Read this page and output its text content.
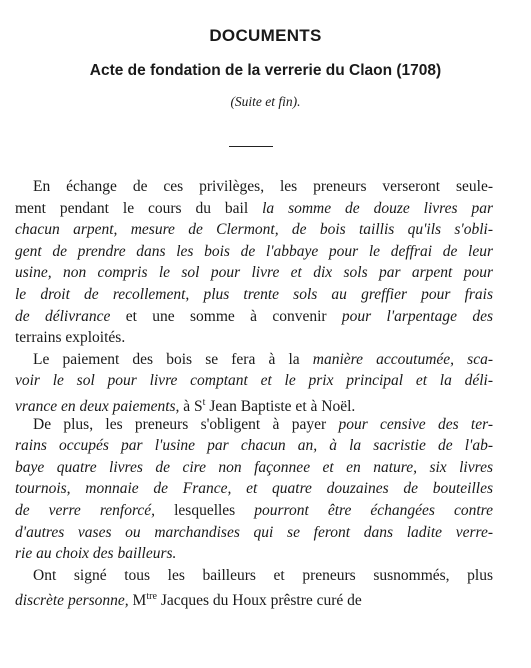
DOCUMENTS
Acte de fondation de la verrerie du Claon (1708)
(Suite et fin).
En échange de ces privilèges, les preneurs verseront seule-
ment pendant le cours du bail la somme de douze livres par
chacun arpent, mesure de Clermont, de bois taillis qu'ils s'obli-
gent de prendre dans les bois de l'abbaye pour le deffrai de leur
usine, non compris le sol pour livre et dix sols par arpent pour
le droit de recollement, plus trente sols au greffier pour frais
de délivrance et une somme à convenir pour l'arpentage des
terrains exploités.
Le paiement des bois se fera à la manière accoutumée, sca-
voir le sol pour livre comptant et le prix principal et la déli-
vrance en deux paiements, à $S^t$ Jean Baptiste et à Noël.
De plus, les preneurs s'obligent à payer pour censive des ter-
rains occupés par l'usine par chacun an, à la sacristie de l'ab-
baye quatre livres de cire non façonnee et en nature, six livres
tournois, monnaie de France, et quatre douzaines de bouteilles
de verre renforcé, lesquelles pourront être échangées contre
d'autres vases ou marchandises qui se feront dans ladite verre-
rie au choix des bailleurs.
Ont signé tous les bailleurs et preneurs susnommés, plus
discrète personne, $M^{tre}$ Jacques du Houx prêstre curé de
